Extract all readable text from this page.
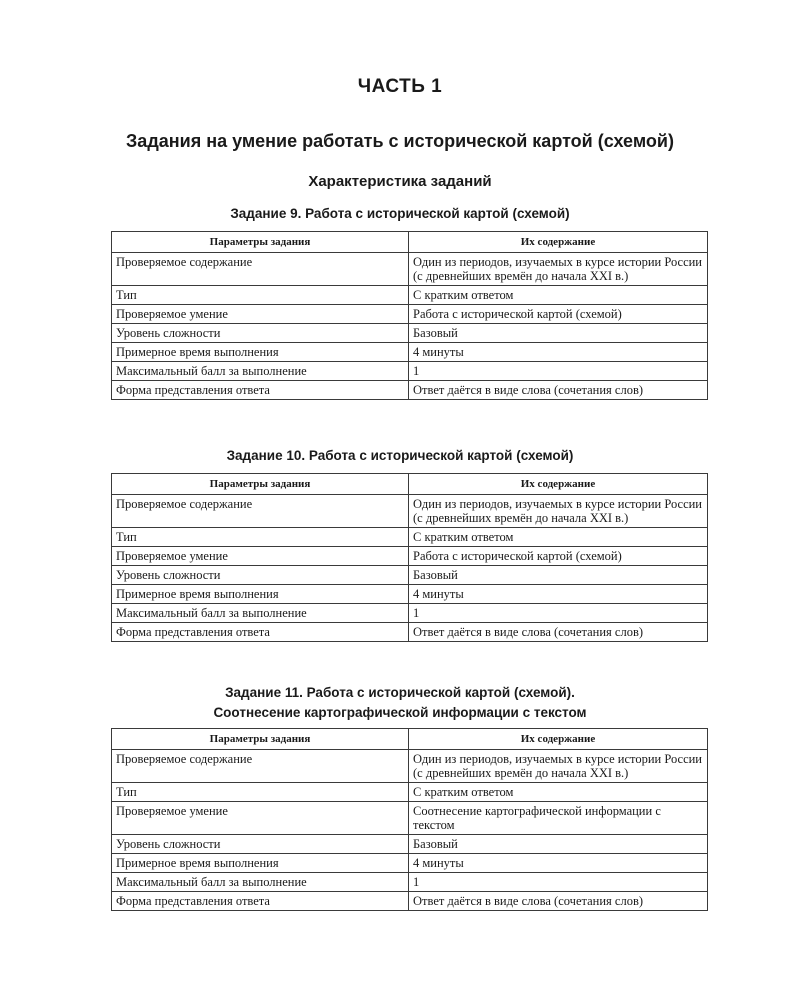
ЧАСТЬ 1
Задания на умение работать с исторической картой (схемой)
Характеристика заданий
Задание 9. Работа с исторической картой (схемой)
Параметры задания	Их содержание
Проверяемое содержание	Один из периодов, изучаемых в курсе истории России (с древнейших времён до начала XXI в.)
Тип	С кратким ответом
Проверяемое умение	Работа с исторической картой (схемой)
Уровень сложности	Базовый
Примерное время выполнения	4 минуты
Максимальный балл за выполнение	1
Форма представления ответа	Ответ даётся в виде слова (сочетания слов)
Задание 10. Работа с исторической картой (схемой)
Параметры задания	Их содержание
Проверяемое содержание	Один из периодов, изучаемых в курсе истории России (с древнейших времён до начала XXI в.)
Тип	С кратким ответом
Проверяемое умение	Работа с исторической картой (схемой)
Уровень сложности	Базовый
Примерное время выполнения	4 минуты
Максимальный балл за выполнение	1
Форма представления ответа	Ответ даётся в виде слова (сочетания слов)
Задание 11. Работа с исторической картой (схемой).
Соотнесение картографической информации с текстом
Параметры задания	Их содержание
Проверяемое содержание	Один из периодов, изучаемых в курсе истории России (с древнейших времён до начала XXI в.)
Тип	С кратким ответом
Проверяемое умение	Соотнесение картографической информации с текстом
Уровень сложности	Базовый
Примерное время выполнения	4 минуты
Максимальный балл за выполнение	1
Форма представления ответа	Ответ даётся в виде слова (сочетания слов)
